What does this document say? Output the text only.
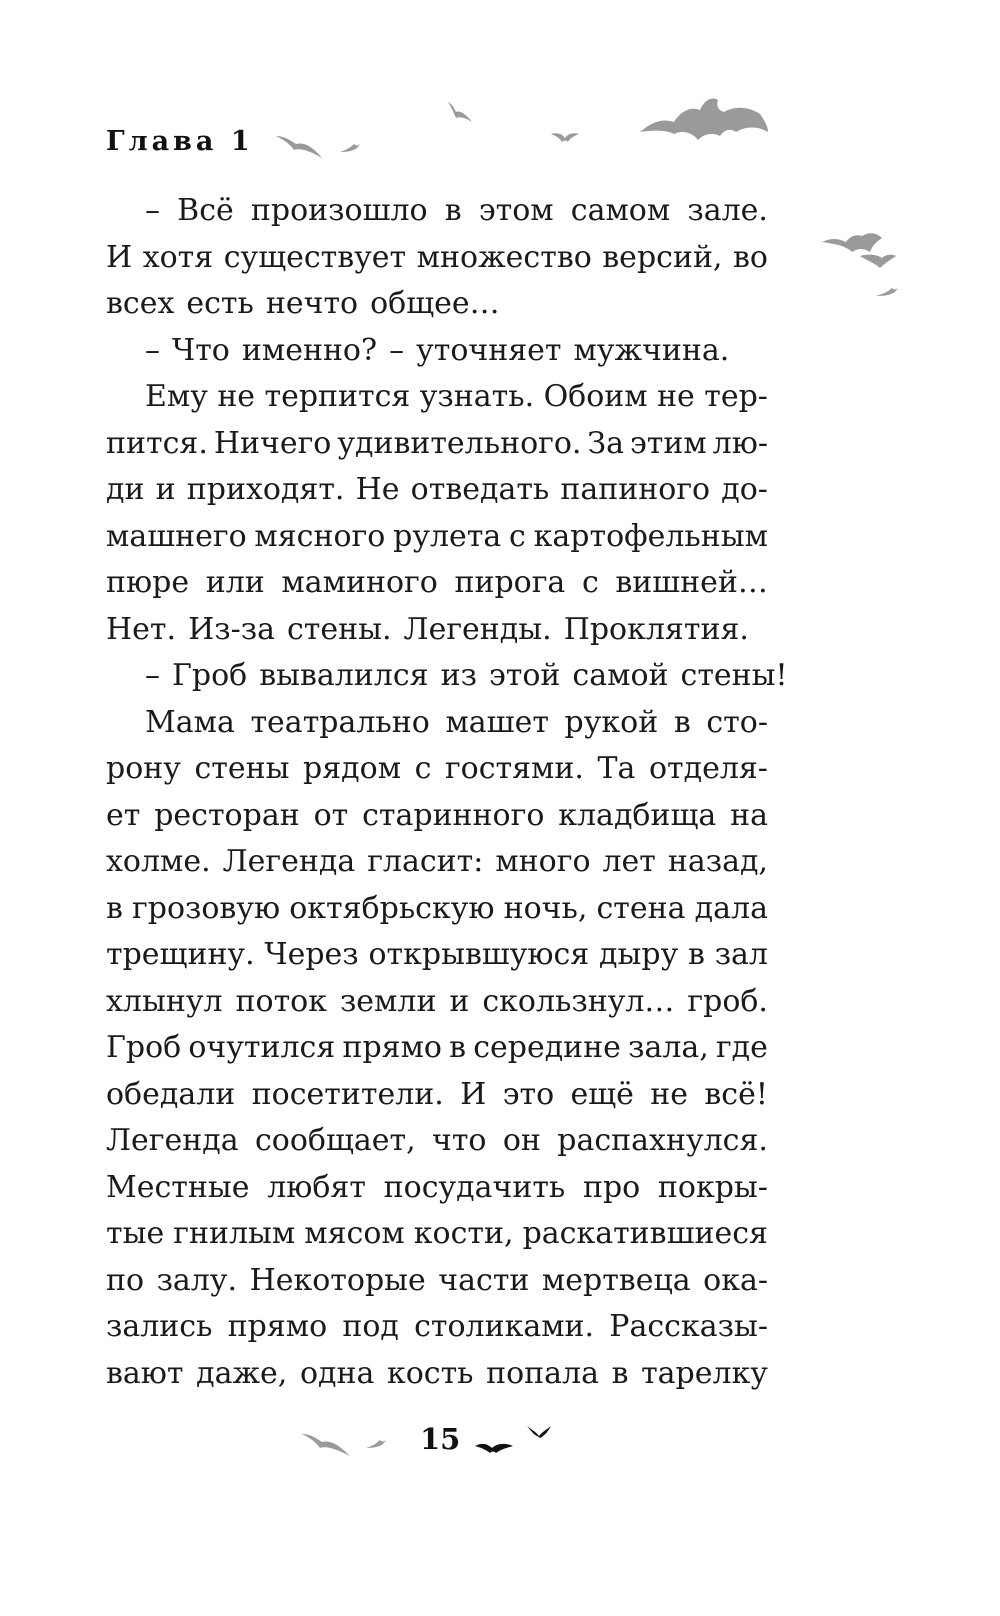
Глава 1
– Всё произошло в этом самом зале.
И хотя существует множество версий, во
всех есть нечто общее…
– Что именно? – уточняет мужчина.
Ему не терпится узнать. Обоим не тер-
пится. Ничего удивительного. За этим лю-
ди и приходят. Не отведать папиного до-
машнего мясного рулета с картофельным
пюре или маминого пирога с вишней…
Нет. Из-за стены. Легенды. Проклятия.
– Гроб вывалился из этой самой стены!
Мама театрально машет рукой в сто-
рону стены рядом с гостями. Та отделя-
ет ресторан от старинного кладбища на
холме. Легенда гласит: много лет назад,
в грозовую октябрьскую ночь, стена дала
трещину. Через открывшуюся дыру в зал
хлынул поток земли и скользнул… гроб.
Гроб очутился прямо в середине зала, где
обедали посетители. И это ещё не всё!
Легенда сообщает, что он распахнулся.
Местные любят посудачить про покры-
тые гнилым мясом кости, раскатившиеся
по залу. Некоторые части мертвеца ока-
зались прямо под столиками. Рассказы-
вают даже, одна кость попала в тарелку
15
